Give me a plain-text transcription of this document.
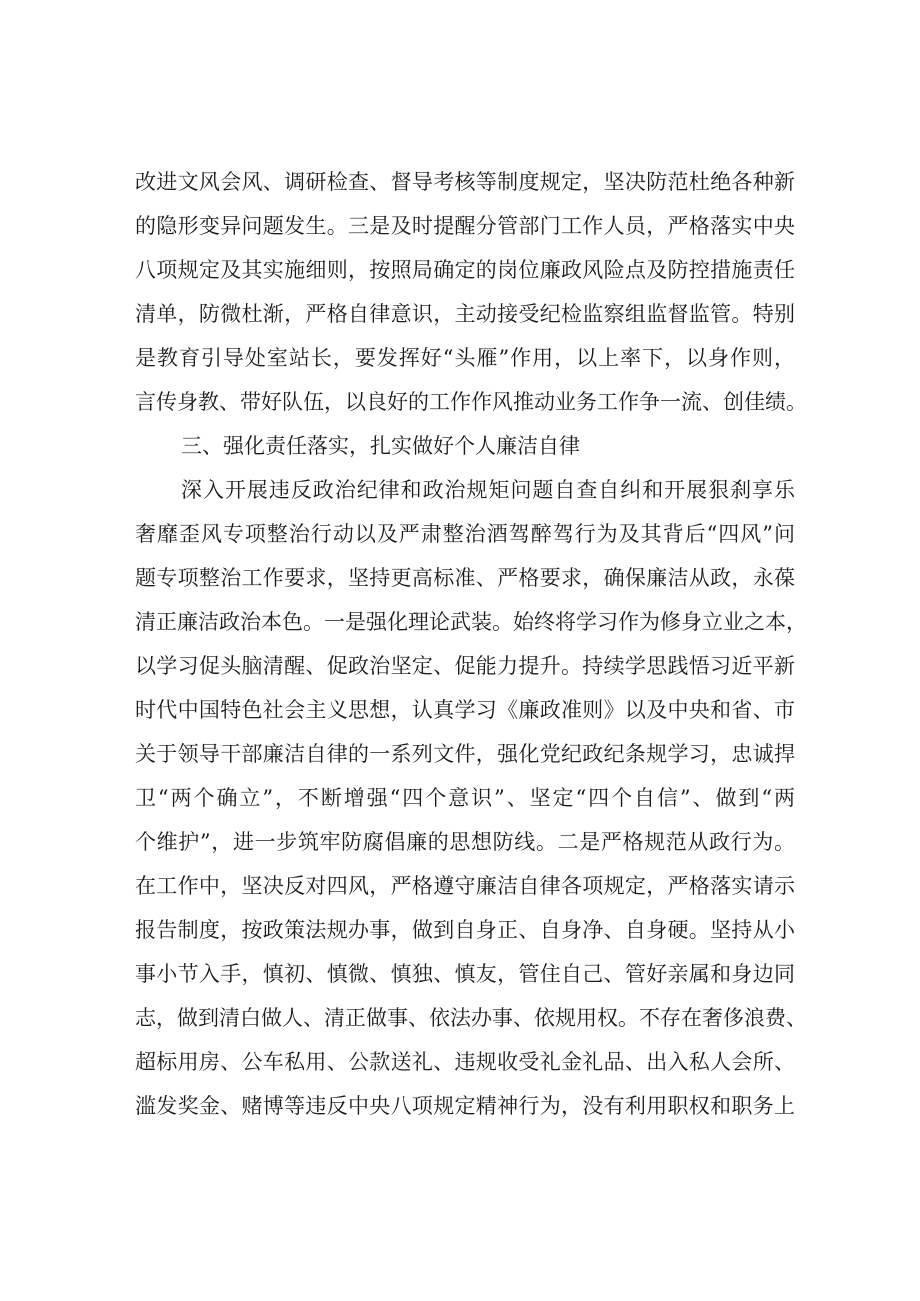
改进文风会风、调研检查、督导考核等制度规定，坚决防范杜绝各种新
的隐形变异问题发生。三是及时提醒分管部门工作人员，严格落实中央
八项规定及其实施细则，按照局确定的岗位廉政风险点及防控措施责任
清单，防微杜渐，严格自律意识，主动接受纪检监察组监督监管。特别
是教育引导处室站长，要发挥好“头雁”作用，以上率下，以身作则，
言传身教、带好队伍，以良好的工作作风推动业务工作争一流、创佳绩。
三、强化责任落实，扎实做好个人廉洁自律
深入开展违反政治纪律和政治规矩问题自查自纠和开展狠刹享乐
奢靡歪风专项整治行动以及严肃整治酒驾醉驾行为及其背后“四风”问
题专项整治工作要求，坚持更高标准、严格要求，确保廉洁从政，永葆
清正廉洁政治本色。一是强化理论武装。始终将学习作为修身立业之本，
以学习促头脑清醒、促政治坚定、促能力提升。持续学思践悟习近平新
时代中国特色社会主义思想，认真学习《廉政准则》以及中央和省、市
关于领导干部廉洁自律的一系列文件，强化党纪政纪条规学习，忠诚捍
卫“两个确立”，不断增强“四个意识”、坚定“四个自信”、做到“两
个维护”，进一步筑牢防腐倡廉的思想防线。二是严格规范从政行为。
在工作中，坚决反对四风，严格遵守廉洁自律各项规定，严格落实请示
报告制度，按政策法规办事，做到自身正、自身净、自身硬。坚持从小
事小节入手，慎初、慎微、慎独、慎友，管住自己、管好亲属和身边同
志，做到清白做人、清正做事、依法办事、依规用权。不存在奢侈浪费、
超标用房、公车私用、公款送礼、违规收受礼金礼品、出入私人会所、
滥发奖金、赌博等违反中央八项规定精神行为，没有利用职权和职务上
